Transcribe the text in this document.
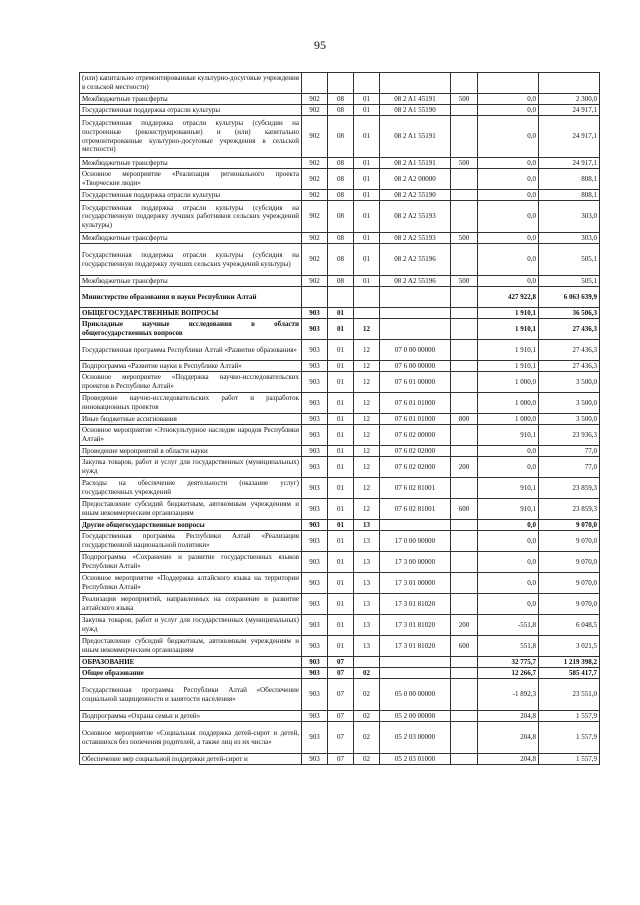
95
(или) капитально отремонтированные культурно-досуговые учреждения в сельской местности)							
Межбюджетные трансферты	902	08	01	08 2 A1 45191	500	0,0	2 300,0
Государственная поддержка отрасли культуры	902	08	01	08 2 A1 55190		0,0	24 917,1
Государственная поддержка отрасли культуры (субсидии на построенные (реконструированные) и (или) капитально отремонтированные культурно-досуговые учреждения в сельской местности)	902	08	01	08 2 A1 55191		0,0	24 917,1
Межбюджетные трансферты	902	08	01	08 2 A1 55191	500	0,0	24 917,1
Основное мероприятие «Реализация регионального проекта «Творческие люди»	902	08	01	08 2 A2 00000		0,0	808,1
Государственная поддержка отрасли культуры	902	08	01	08 2 A2 55190		0,0	808,1
Государственная поддержка отрасли культуры (субсидия на государственную поддержку лучших работников сельских учреждений культуры)	902	08	01	08 2 A2 55193		0,0	303,0
Межбюджетные трансферты	902	08	01	08 2 A2 55193	500	0,0	303,0
Государственная поддержка отрасли культуры (субсидия на государственную поддержку лучших сельских учреждений культуры)	902	08	01	08 2 A2 55196		0,0	505,1
Межбюджетные трансферты	902	08	01	08 2 A2 55196	500	0,0	505,1
Министерство образования и науки Республики Алтай						427 922,8	6 063 639,9
ОБЩЕГОСУДАРСТВЕННЫЕ ВОПРОСЫ	903	01				1 910,1	36 506,3
Прикладные научные исследования в области общегосударственных вопросов	903	01	12			1 910,1	27 436,3
Государственная программа Республики Алтай «Развитие образования»	903	01	12	07 0 00 00000		1 910,1	27 436,3
Подпрограмма «Развитие науки в Республике Алтай»	903	01	12	07 6 00 00000		1 910,1	27 436,3
Основное мероприятие «Поддержка научно-исследовательских проектов в Республике Алтай»	903	01	12	07 6 01 00000		1 000,0	3 500,0
Проведение научно-исследовательских работ и разработок инновационных проектов	903	01	12	07 6 01 01000		1 000,0	3 500,0
Иные бюджетные ассигнования	903	01	12	07 6 01 01000	800	1 000,0	3 500,0
Основное мероприятие «Этнокультурное наследие народов Республики Алтай»	903	01	12	07 6 02 00000		910,1	23 936,3
Проведение мероприятий в области науки	903	01	12	07 6 02 02000		0,0	77,0
Закупка товаров, работ и услуг для государственных (муниципальных) нужд	903	01	12	07 6 02 02000	200	0,0	77,0
Расходы на обеспечение деятельности (оказание услуг) государственных учреждений	903	01	12	07 6 02 81001		910,1	23 859,3
Предоставление субсидий бюджетным, автономным учреждениям и иным некоммерческим организациям	903	01	12	07 6 02 81001	600	910,1	23 859,3
Другие общегосударственные вопросы	903	01	13			0,0	9 070,0
Государственная программа Республики Алтай «Реализация государственной национальной политики»	903	01	13	17 0 00 00000		0,0	9 070,0
Подпрограмма «Сохранение и развитие государственных языков Республики Алтай»	903	01	13	17 3 00 00000		0,0	9 070,0
Основное мероприятие «Поддержка алтайского языка на территории Республики Алтай»	903	01	13	17 3 01 00000		0,0	9 070,0
Реализация мероприятий, направленных на сохранение и развитие алтайского языка	903	01	13	17 3 01 81020		0,0	9 070,0
Закупка товаров, работ и услуг для государственных (муниципальных) нужд	903	01	13	17 3 01 81020	200	-551,8	6 048,5
Предоставление субсидий бюджетным, автономным учреждениям и иным некоммерческим организациям	903	01	13	17 3 01 81020	600	551,8	3 021,5
ОБРАЗОВАНИЕ	903	07				32 775,7	1 219 398,2
Общее образование	903	07	02			12 266,7	585 417,7
Государственная программа Республики Алтай «Обеспечение социальной защищенности и занятости населения»	903	07	02	05 0 00 00000		-1 892,3	23 551,0
Подпрограмма «Охрана семьи и детей»	903	07	02	05 2 00 00000		204,8	1 557,9
Основное мероприятие «Социальная поддержка детей-сирот и детей, оставшихся без попечения родителей, а также лиц из их числа»	903	07	02	05 2 03 00000		204,8	1 557,9
Обеспечение мер социальной поддержки детей-сирот и	903	07	02	05 2 03 01000		204,8	1 557,9
